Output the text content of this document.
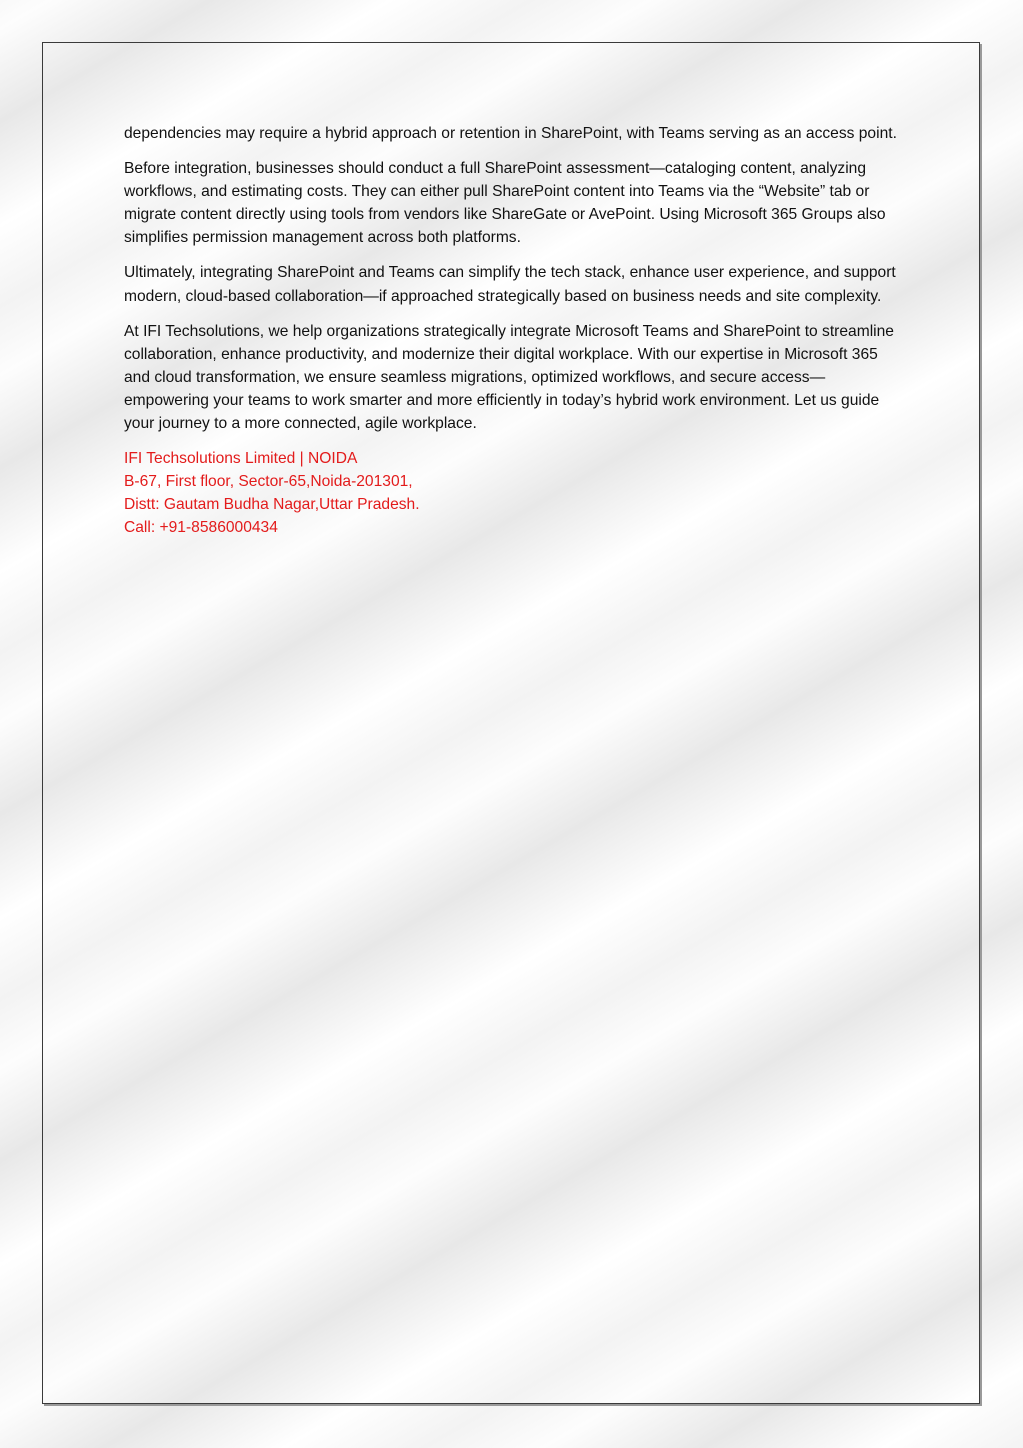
dependencies may require a hybrid approach or retention in SharePoint, with Teams serving as an access point.

Before integration, businesses should conduct a full SharePoint assessment—cataloging content, analyzing workflows, and estimating costs. They can either pull SharePoint content into Teams via the “Website” tab or migrate content directly using tools from vendors like ShareGate or AvePoint. Using Microsoft 365 Groups also simplifies permission management across both platforms.

Ultimately, integrating SharePoint and Teams can simplify the tech stack, enhance user experience, and support modern, cloud-based collaboration—if approached strategically based on business needs and site complexity.

At IFI Techsolutions, we help organizations strategically integrate Microsoft Teams and SharePoint to streamline collaboration, enhance productivity, and modernize their digital workplace. With our expertise in Microsoft 365 and cloud transformation, we ensure seamless migrations, optimized workflows, and secure access—empowering your teams to work smarter and more efficiently in today’s hybrid work environment. Let us guide your journey to a more connected, agile workplace.

IFI Techsolutions Limited | NOIDA
B-67, First floor, Sector-65,Noida-201301,
Distt: Gautam Budha Nagar,Uttar Pradesh.
Call: +91-8586000434
